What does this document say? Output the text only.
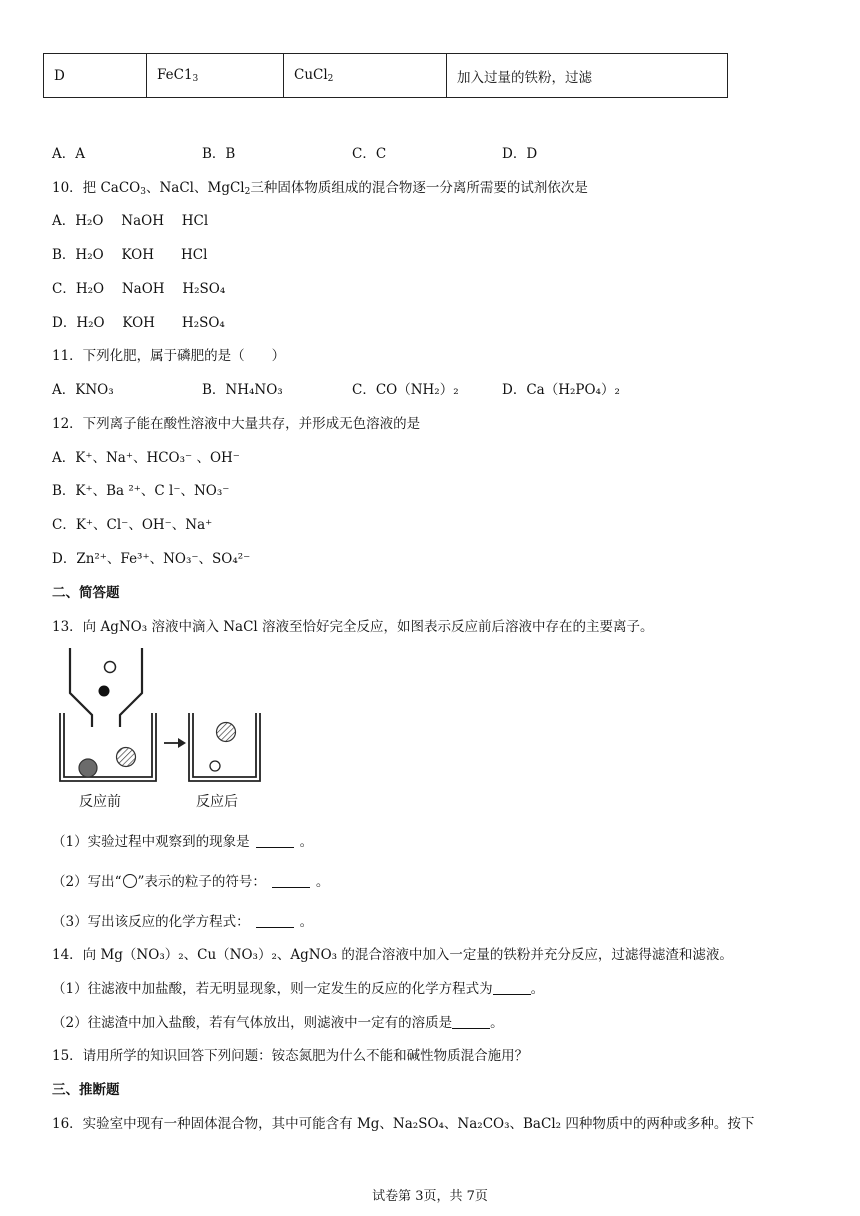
D	$FeC1_3$	CuCl$_2$	加入过量的铁粉，过滤
A．A	B．B	C．C	D．D
10．把 CaCO$_3$、NaCl、MgCl$_2$三种固体物质组成的混合物逐一分离所需要的试剂依次是
A．H₂O　 NaOH　 HCl
B．H₂O　 KOH　　HCl
C．H₂O　 NaOH　 H₂SO₄
D．H₂O　 KOH　　H₂SO₄
11．下列化肥，属于磷肥的是（　　）
A．KNO₃	B．NH₄NO₃	C．CO（NH₂）₂	D．Ca（H₂PO₄）₂
12．下列离子能在酸性溶液中大量共存，并形成无色溶液的是
A．K⁺、Na⁺、HCO₃⁻ 、OH⁻
B．K⁺、Ba ²⁺、C l⁻、NO₃⁻
C．K⁺、Cl⁻、OH⁻、Na⁺
D．Zn²⁺、Fe³⁺、NO₃⁻、SO₄²⁻
二、简答题
13．向 AgNO₃ 溶液中滴入 NaCl 溶液至恰好完全反应，如图表示反应前后溶液中存在的主要离子。
反应前	反应后
（1）实验过程中观察到的现象是	。
（2）写出“ ”表示的粒子的符号：	。
（3）写出该反应的化学方程式：	。
14．向 Mg（NO₃）₂、Cu（NO₃）₂、AgNO₃ 的混合溶液中加入一定量的铁粉并充分反应，过滤得滤渣和滤液。
（1）往滤液中加盐酸，若无明显现象，则一定发生的反应的化学方程式为	。
（2）往滤渣中加入盐酸，若有气体放出，则滤液中一定有的溶质是	。
15．请用所学的知识回答下列问题：铵态氮肥为什么不能和碱性物质混合施用？
三、推断题
16．实验室中现有一种固体混合物，其中可能含有 Mg、Na₂SO₄、Na₂CO₃、BaCl₂ 四种物质中的两种或多种。按下
试卷第 3页，共 7页
